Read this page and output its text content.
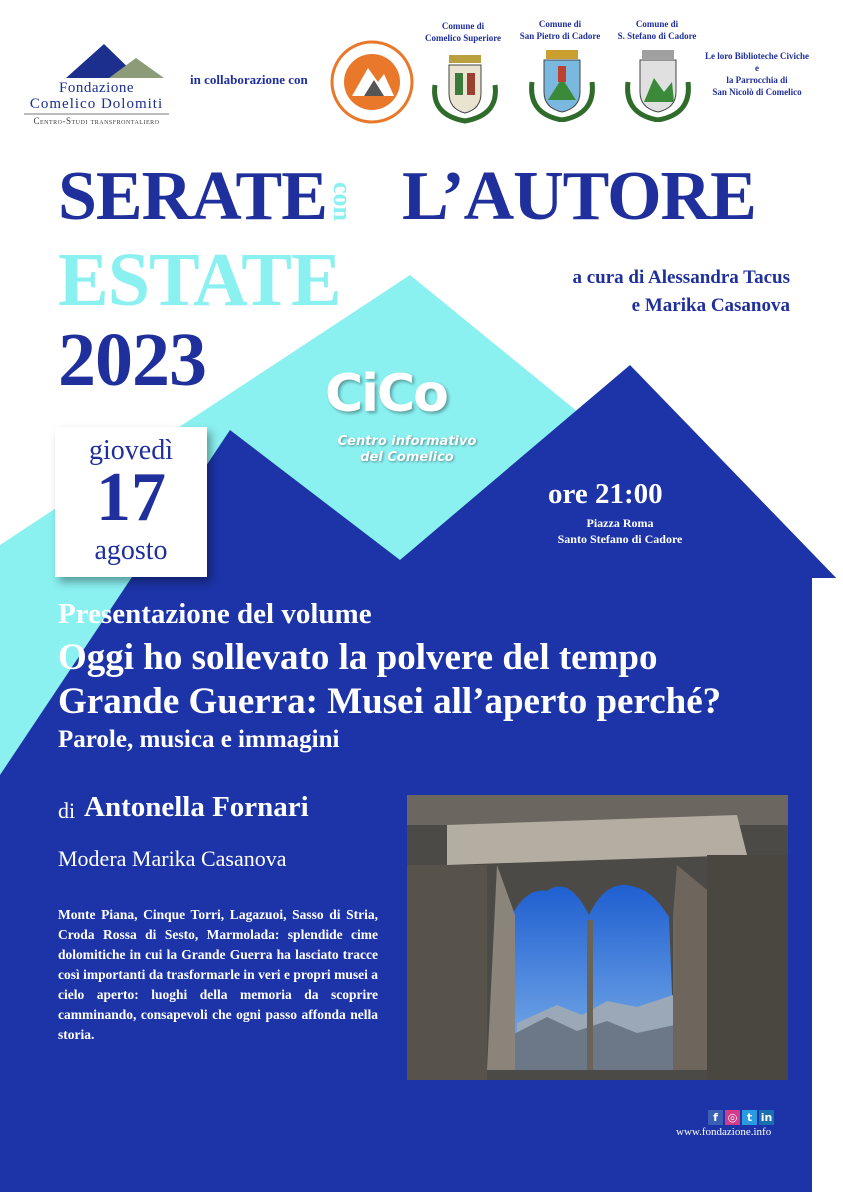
Fondazione
Comelico Dolomiti
Centro-Studi transfrontaliero
in collaborazione con
Comune di
Comelico Superiore
Comune di
San Pietro di Cadore
Comune di
S. Stefano di Cadore
Le loro Biblioteche Civiche
e
la Parrocchia di
San Nicolò di Comelico
SERATE con L’AUTORE
ESTATE
2023
a cura di Alessandra Tacus
e Marika Casanova
CiCo
Centro informativo
del Comelico
giovedì
17
agosto
ore 21:00
Piazza Roma
Santo Stefano di Cadore
Presentazione del volume
Oggi ho sollevato la polvere del tempo
Grande Guerra: Musei all’aperto perché?
Parole, musica e immagini
di Antonella Fornari
Modera Marika Casanova
Monte Piana, Cinque Torri, Lagazuoi, Sasso di Stria, Croda Rossa di Sesto, Marmolada: splendide cime dolomitiche in cui la Grande Guerra ha lasciato tracce così importanti da trasformarle in veri e propri musei a cielo aperto: luoghi della memoria da scoprire camminando, consapevoli che ogni passo affonda nella storia.
f ◎ t in
www.fondazione.info
